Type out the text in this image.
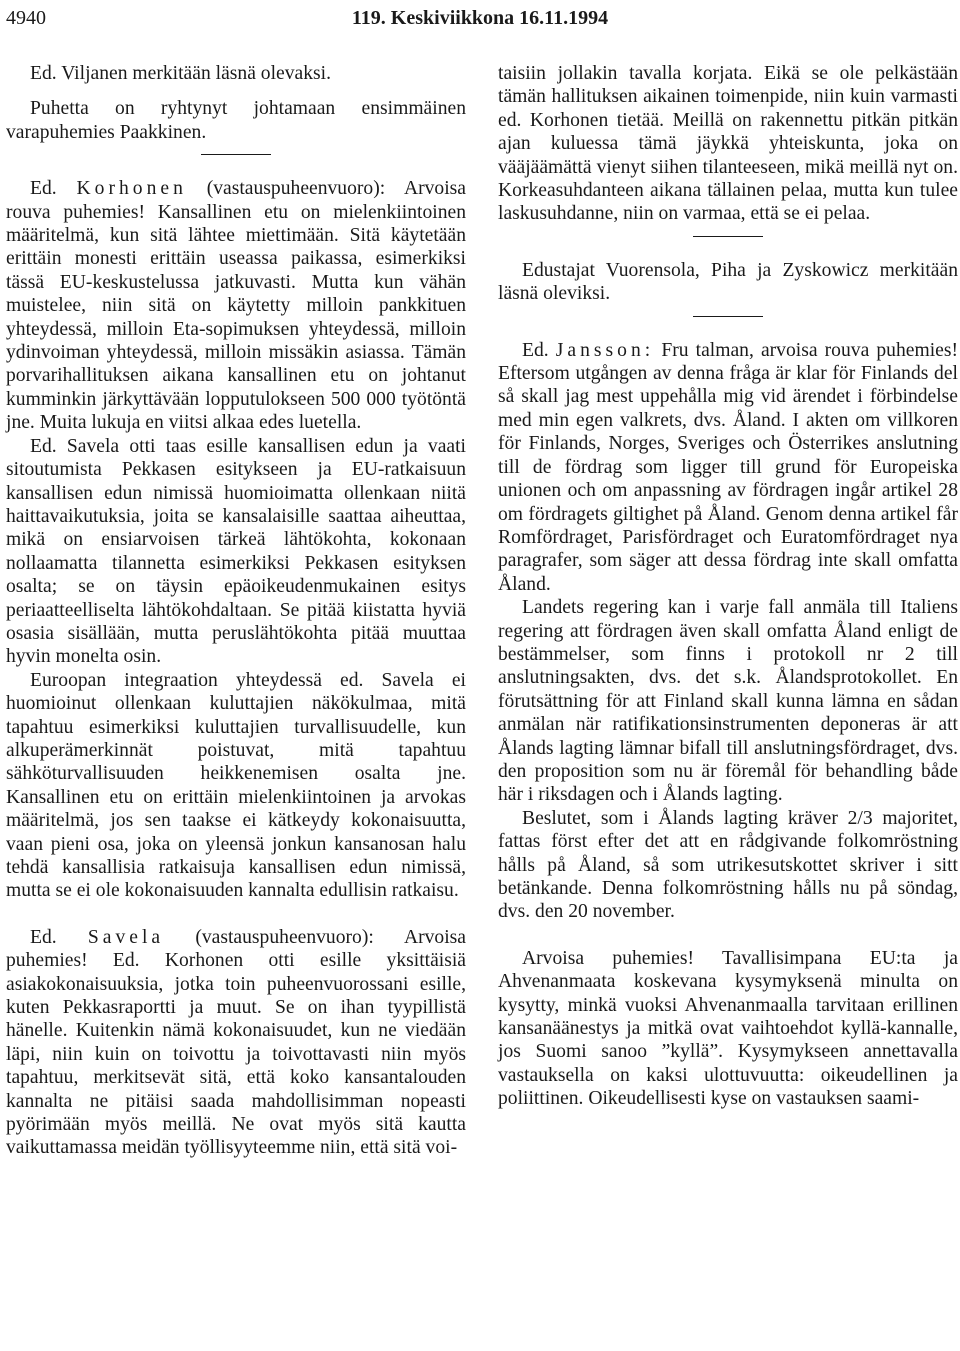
4940	119. Keskiviikkona 16.11.1994

Ed. Viljanen merkitään läsnä olevaksi.

Puhetta on ryhtynyt johtamaan ensimmäinen varapuhemies Paakkinen.

Ed. Korhonen (vastauspuheenvuoro): Arvoisa rouva puhemies! Kansallinen etu on mielenkiintoinen määritelmä, kun sitä lähtee miettimään. Sitä käytetään erittäin monesti erittäin useassa paikassa, esimerkiksi tässä EU-keskustelussa jatkuvasti. Mutta kun vähän muistelee, niin sitä on käytetty milloin pankkituen yhteydessä, milloin Eta-sopimuksen yhteydessä, milloin ydinvoiman yhteydessä, milloin missäkin asiassa. Tämän porvarihallituksen aikana kansallinen etu on johtanut kumminkin järkyttävään lopputulokseen 500 000 työtöntä jne. Muita lukuja en viitsi alkaa edes luetella.

Ed. Savela otti taas esille kansallisen edun ja vaati sitoutumista Pekkasen esitykseen ja EU-ratkaisuun kansallisen edun nimissä huomioimatta ollenkaan niitä haittavaikutuksia, joita se kansalaisille saattaa aiheuttaa, mikä on ensiarvoisen tärkeä lähtökohta, kokonaan nollaamatta tilannetta esimerkiksi Pekkasen esityksen osalta; se on täysin epäoikeudenmukainen esitys periaatteelliselta lähtökohdaltaan. Se pitää kiistatta hyviä osasia sisällään, mutta peruslähtökohta pitää muuttaa hyvin monelta osin.

Euroopan integraation yhteydessä ed. Savela ei huomioinut ollenkaan kuluttajien näkökulmaa, mitä tapahtuu esimerkiksi kuluttajien turvallisuudelle, kun alkuperämerkinnät poistuvat, mitä tapahtuu sähköturvallisuuden heikkenemisen osalta jne. Kansallinen etu on erittäin mielenkiintoinen ja arvokas määritelmä, jos sen taakse ei kätkeydy kokonaisuutta, vaan pieni osa, joka on yleensä jonkun kansanosan halu tehdä kansallisia ratkaisuja kansallisen edun nimissä, mutta se ei ole kokonaisuuden kannalta edullisin ratkaisu.

Ed. Savela (vastauspuheenvuoro): Arvoisa puhemies! Ed. Korhonen otti esille yksittäisiä asiakokonaisuuksia, jotka toin puheenvuorossani esille, kuten Pekkasraportti ja muut. Se on ihan tyypillistä hänelle. Kuitenkin nämä kokonaisuudet, kun ne viedään läpi, niin kuin on toivottu ja toivottavasti niin myös tapahtuu, merkitsevät sitä, että koko kansantalouden kannalta ne pitäisi saada mahdollisimman nopeasti pyörimään myös meillä. Ne ovat myös sitä kautta vaikuttamassa meidän työllisyyteemme niin, että sitä voi-

taisiin jollakin tavalla korjata. Eikä se ole pelkästään tämän hallituksen aikainen toimenpide, niin kuin varmasti ed. Korhonen tietää. Meillä on rakennettu pitkän pitkän ajan kuluessa tämä jäykkä yhteiskunta, joka on vääjäämättä vienyt siihen tilanteeseen, mikä meillä nyt on. Korkeasuhdanteen aikana tällainen pelaa, mutta kun tulee laskusuhdanne, niin on varmaa, että se ei pelaa.

Edustajat Vuorensola, Piha ja Zyskowicz merkitään läsnä oleviksi.

Ed. Jansson: Fru talman, arvoisa rouva puhemies! Eftersom utgången av denna fråga är klar för Finlands del så skall jag mest uppehålla mig vid ärendet i förbindelse med min egen valkrets, dvs. Åland. I akten om villkoren för Finlands, Norges, Sveriges och Österrikes anslutning till de fördrag som ligger till grund för Europeiska unionen och om anpassning av fördragen ingår artikel 28 om fördragets giltighet på Åland. Genom denna artikel får Romfördraget, Parisfördraget och Euratomfördraget nya paragrafer, som säger att dessa fördrag inte skall omfatta Åland.

Landets regering kan i varje fall anmäla till Italiens regering att fördragen även skall omfatta Åland enligt de bestämmelser, som finns i protokoll nr 2 till anslutningsakten, dvs. det s.k. Ålandsprotokollet. En förutsättning för att Finland skall kunna lämna en sådan anmälan när ratifikationsinstrumenten deponeras är att Ålands lagting lämnar bifall till anslutningsfördraget, dvs. den proposition som nu är föremål för behandling både här i riksdagen och i Ålands lagting.

Beslutet, som i Ålands lagting kräver 2/3 majoritet, fattas först efter det att en rådgivande folkomröstning hålls på Åland, så som utrikesutskottet skriver i sitt betänkande. Denna folkomröstning hålls nu på söndag, dvs. den 20 november.

Arvoisa puhemies! Tavallisimpana EU:ta ja Ahvenanmaata koskevana kysymyksenä minulta on kysytty, minkä vuoksi Ahvenanmaalla tarvitaan erillinen kansanäänestys ja mitkä ovat vaihtoehdot kyllä-kannalle, jos Suomi sanoo ”kyllä”. Kysymykseen annettavalla vastauksella on kaksi ulottuvuutta: oikeudellinen ja poliittinen. Oikeudellisesti kyse on vastauksen saami-
